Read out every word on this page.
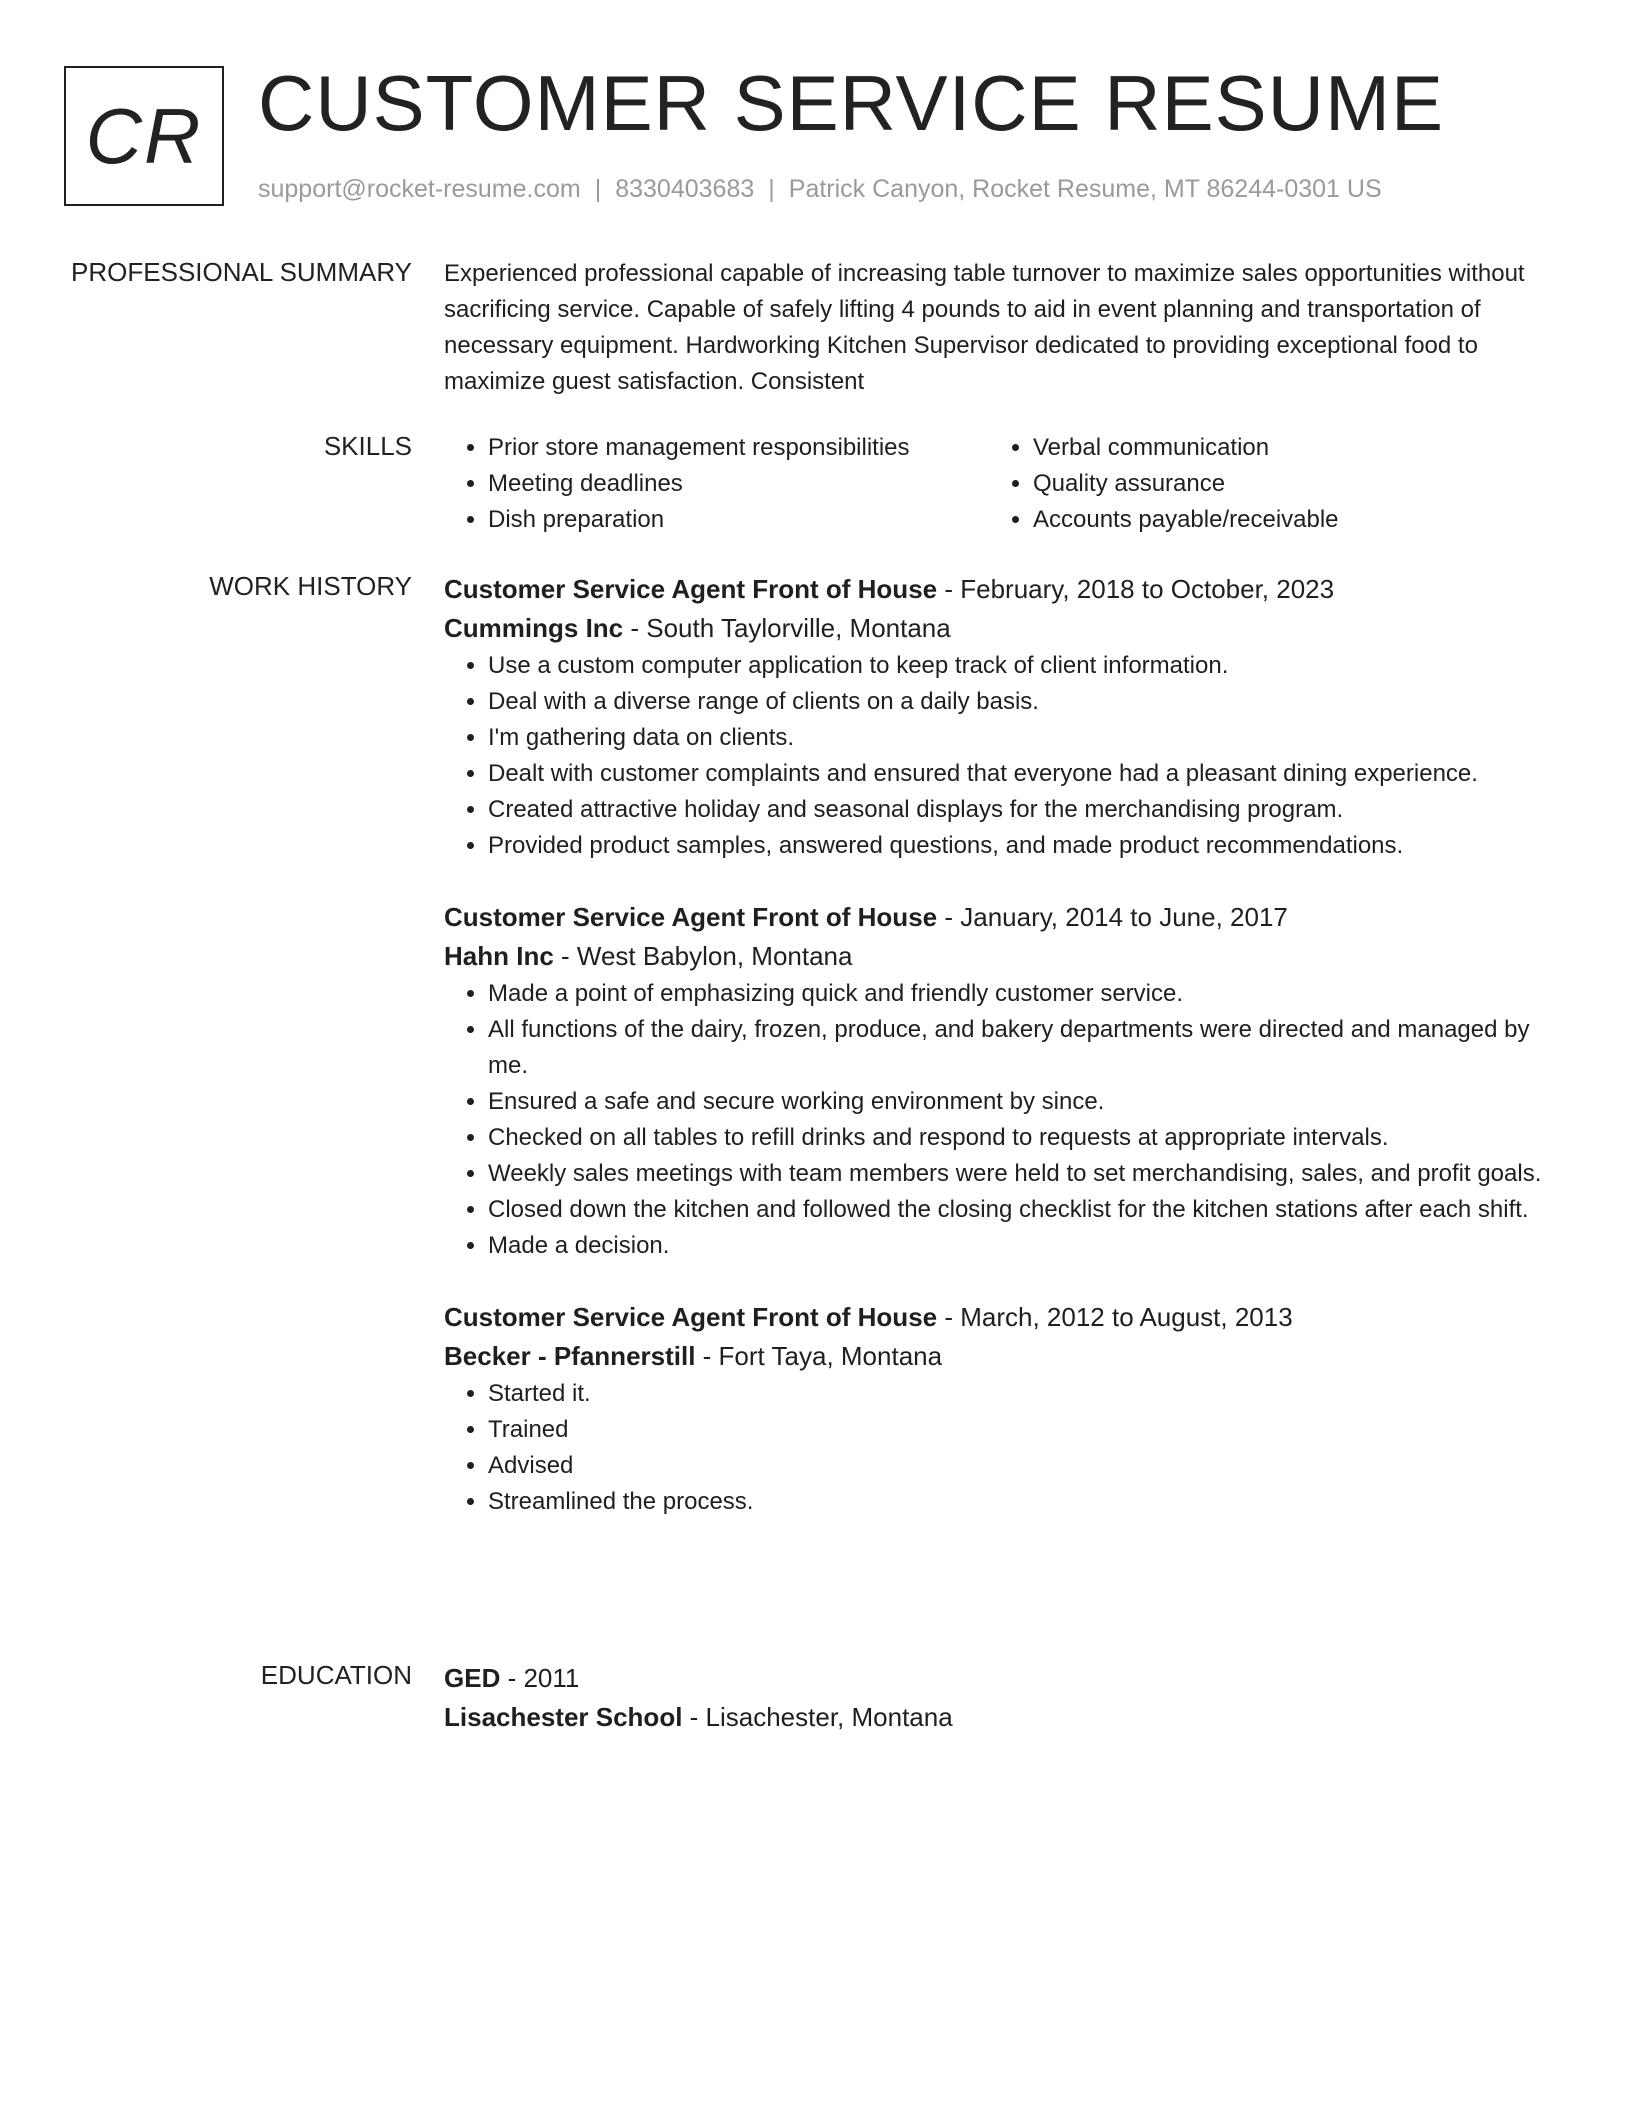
CR CUSTOMER SERVICE RESUME
support@rocket-resume.com | 8330403683 | Patrick Canyon, Rocket Resume, MT 86244-0301 US
PROFESSIONAL SUMMARY Experienced professional capable of increasing table turnover to maximize sales opportunities without sacrificing service. Capable of safely lifting 4 pounds to aid in event planning and transportation of necessary equipment. Hardworking Kitchen Supervisor dedicated to providing exceptional food to maximize guest satisfaction. Consistent

SKILLS
•	Prior store management responsibilities
• Meeting deadlines
• Dish preparation
• Verbal communication
• Quality assurance
• Accounts payable/receivable
WORK HISTORY Customer Service Agent Front of House - February, 2018 to October, 2023
Cummings Inc - South Taylorville, Montana
• Use a custom computer application to keep track of client information.
• Deal with a diverse range of clients on a daily basis.
• I'm gathering data on clients.
• Dealt with customer complaints and ensured that everyone had a pleasant dining experience.
• Created attractive holiday and seasonal displays for the merchandising program.
• Provided product samples, answered questions, and made product recommendations.
Customer Service Agent Front of House - January, 2014 to June, 2017
Hahn Inc - West Babylon, Montana
• Made a point of emphasizing quick and friendly customer service.
• All functions of the dairy, frozen, produce, and bakery departments were directed and managed by me.
• Ensured a safe and secure working environment by since.
• Checked on all tables to refill drinks and respond to requests at appropriate intervals.
• Weekly sales meetings with team members were held to set merchandising, sales, and profit goals.
• Closed down the kitchen and followed the closing checklist for the kitchen stations after each shift.
• Made a decision.
Customer Service Agent Front of House - March, 2012 to August, 2013
Becker - Pfannerstill - Fort Taya, Montana
• Started it.
• Trained
• Advised
• Streamlined the process.
EDUCATION GED - 2011
Lisachester School - Lisachester, Montana
